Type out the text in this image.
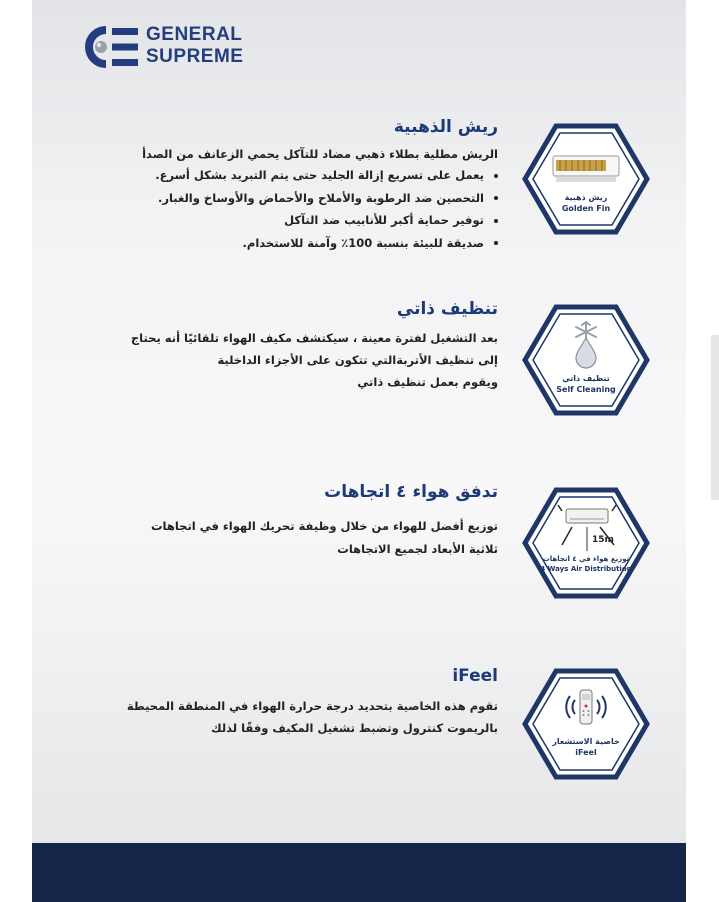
GENERAL
SUPREME
ريش الذهبية
الريش مطلية بطلاء ذهبي مضاد للتآكل يحمي الزعانف من الصدأ
يعمل على تسريع إزالة الجليد حتى يتم التبريد بشكل أسرع.
التحصين ضد الرطوبة والأملاح والأحماض والأوساخ والغبار.
توفير حماية أكبر للأنابيب ضد التآكل
صديقة للبيئة بنسبة 100٪ وآمنة للاستخدام.
ريش ذهبية
Golden Fin
تنظيف ذاتي
بعد التشغيل لفترة معينة ، سيكتشف مكيف الهواء تلقائيًا أنه يحتاج
إلى تنظيف الأتربةالتي تتكون على الأجزاء الداخلية
ويقوم بعمل تنظيف ذاتي	تنظيف ذاتي
Self Cleaning
تدفق هواء ٤ اتجاهات
توزيع أفضل للهواء من خلال وظيفة تحريك الهواء في اتجاهات
ثلاثية الأبعاد لجميع الاتجاهات
15m
توزيع هواء في ٤ اتجاهات
4 Ways Air Distribution
iFeel
تقوم هذه الخاصية بتحديد درجة حرارة الهواء في المنطقة المحيطة
بالريموت كنترول وتضبط تشغيل المكيف وفقًا لذلك
خاصية الاستشعار
iFeel
